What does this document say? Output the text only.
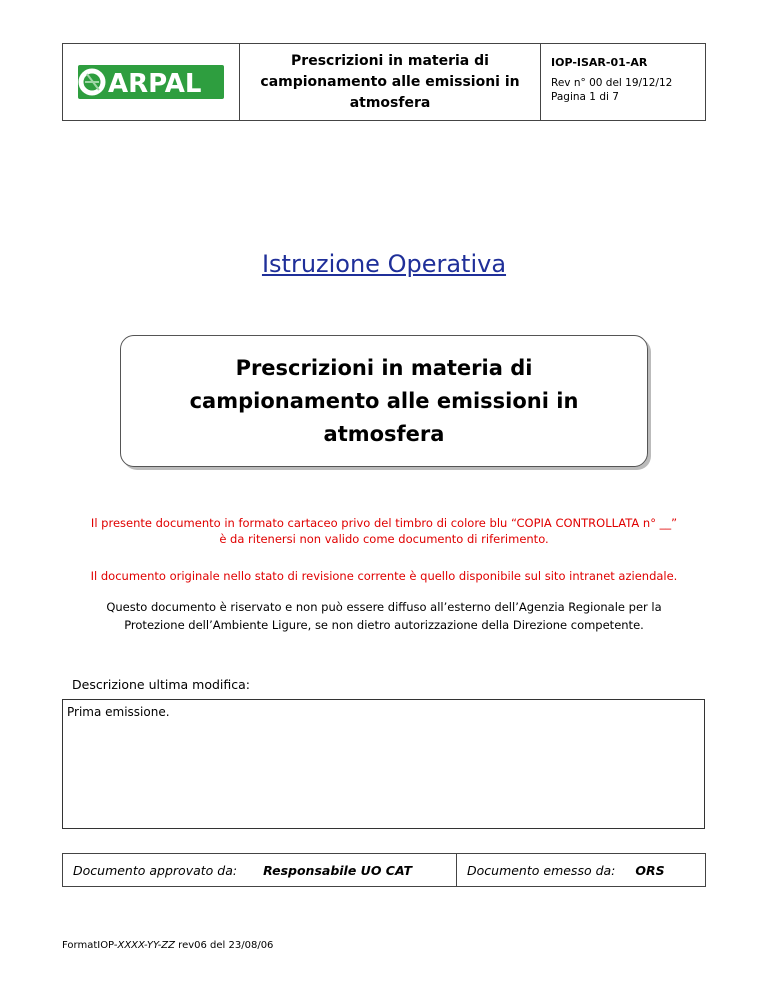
ARPAL
Prescrizioni in materia di
campionamento alle emissioni in
atmosfera
IOP-ISAR-01-AR
Rev n° 00 del 19/12/12
Pagina 1 di 7
Istruzione Operativa
Prescrizioni in materia di
campionamento alle emissioni in
atmosfera
Il presente documento in formato cartaceo privo del timbro di colore blu “COPIA CONTROLLATA n° __”
è da ritenersi non valido come documento di riferimento.
Il documento originale nello stato di revisione corrente è quello disponibile sul sito intranet aziendale.
Questo documento è riservato e non può essere diffuso all’esterno dell’Agenzia Regionale per la
Protezione dell’Ambiente Ligure, se non dietro autorizzazione della Direzione competente.
Descrizione ultima modifica:
Prima emissione.
Documento approvato da: Responsabile UO CAT	Documento emesso da: ORS
FormatIOP-XXXX-YY-ZZ rev06 del 23/08/06
